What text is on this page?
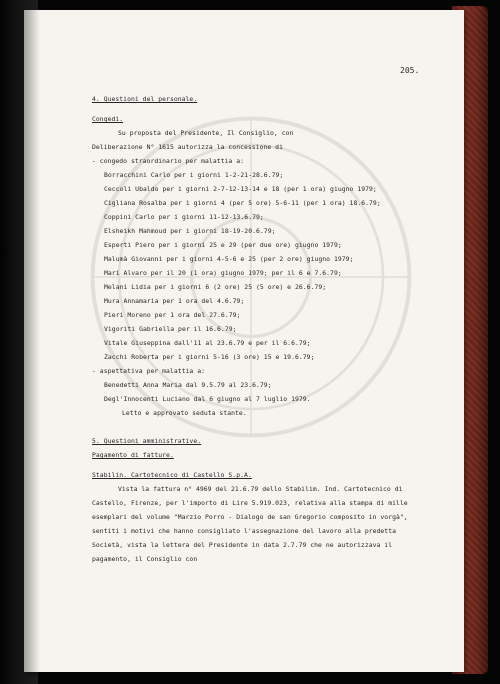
205.
4. Questioni del personale.
Congedi.
Su proposta del Presidente, Il Consiglio, con
Deliberazione N° 1615 autorizza la concessione di
- congedo straordinario per malattia a:
Borracchini Carlo per i giorni 1-2-21-28.6.79;
Ceccoli Ubaldo per i giorni 2-7-12-13-14 e 18 (per 1 ora) giugno 1979;
Cigliana Rosalba per i giorni 4 (per 5 ore) 5-6-11 (per 1 ora) 18.6.79;
Coppini Carlo per i giorni 11-12-13.6.79;
Elsheikh Mahmoud per i giorni 18-19-20.6.79;
Esperti Piero per i giorni 25 e 29 (per due ore) giugno 1979;
Malumà Giovanni per i giorni 4-5-6 e 25 (per 2 ore) giugno 1979;
Mari Alvaro per il 20 (1 ora) giugno 1979; per il 6 e 7.6.79;
Melani Lidia per i giorni 6 (2 ore) 25 (5 ore) e 26.6.79;
Mura Annamaria per 1 ora del 4.6.79;
Pieri Moreno per 1 ora del 27.6.79;
Vigoriti Gabriella per il 16.6.79;
Vitale Giuseppina dall'11 al 23.6.79 e per il 6.6.79;
Zacchi Roberta per i giorni 5-16 (3 ore) 15 e 19.6.79;
- aspettativa per malattia a:
Benedetti Anna Maria dal 9.5.79 al 23.6.79;
Degl'Innocenti Luciano dal 6 giugno al 7 luglio 1979.
Letto e approvato seduta stante.
5. Questioni amministrative.
Pagamento di fatture.
Stabilin. Cartotecnico di Castello S.p.A.
Vista la fattura n° 4969 del 21.6.79 dello Stabilim. Ind. Cartotecnico di
Castello, Firenze, per l'importo di Lire 5.919.023, relativa alla stampa di mille
esemplari del volume "Marzio Porro - Dialogo de san Gregorio composito in vorgà",
sentiti i motivi che hanno consigliato l'assegnazione del lavoro alla predetta
Società, vista la lettera del Presidente in data 2.7.79 che ne autorizzava il
pagamento, il Consiglio con
